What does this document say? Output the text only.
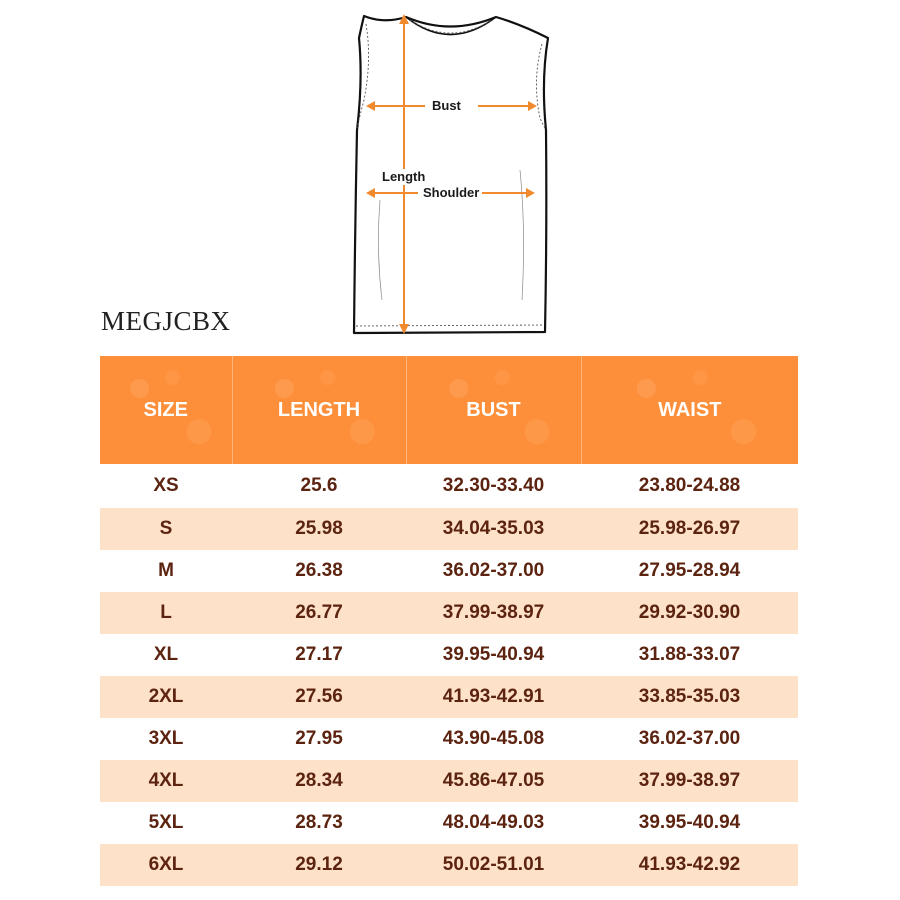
Bust
Length
Shoulder
MEGJCBX
SIZE	LENGTH	BUST	WAIST
XS	25.6	32.30-33.40	23.80-24.88
S	25.98	34.04-35.03	25.98-26.97
M	26.38	36.02-37.00	27.95-28.94
L	26.77	37.99-38.97	29.92-30.90
XL	27.17	39.95-40.94	31.88-33.07
2XL	27.56	41.93-42.91	33.85-35.03
3XL	27.95	43.90-45.08	36.02-37.00
4XL	28.34	45.86-47.05	37.99-38.97
5XL	28.73	48.04-49.03	39.95-40.94
6XL	29.12	50.02-51.01	41.93-42.92
